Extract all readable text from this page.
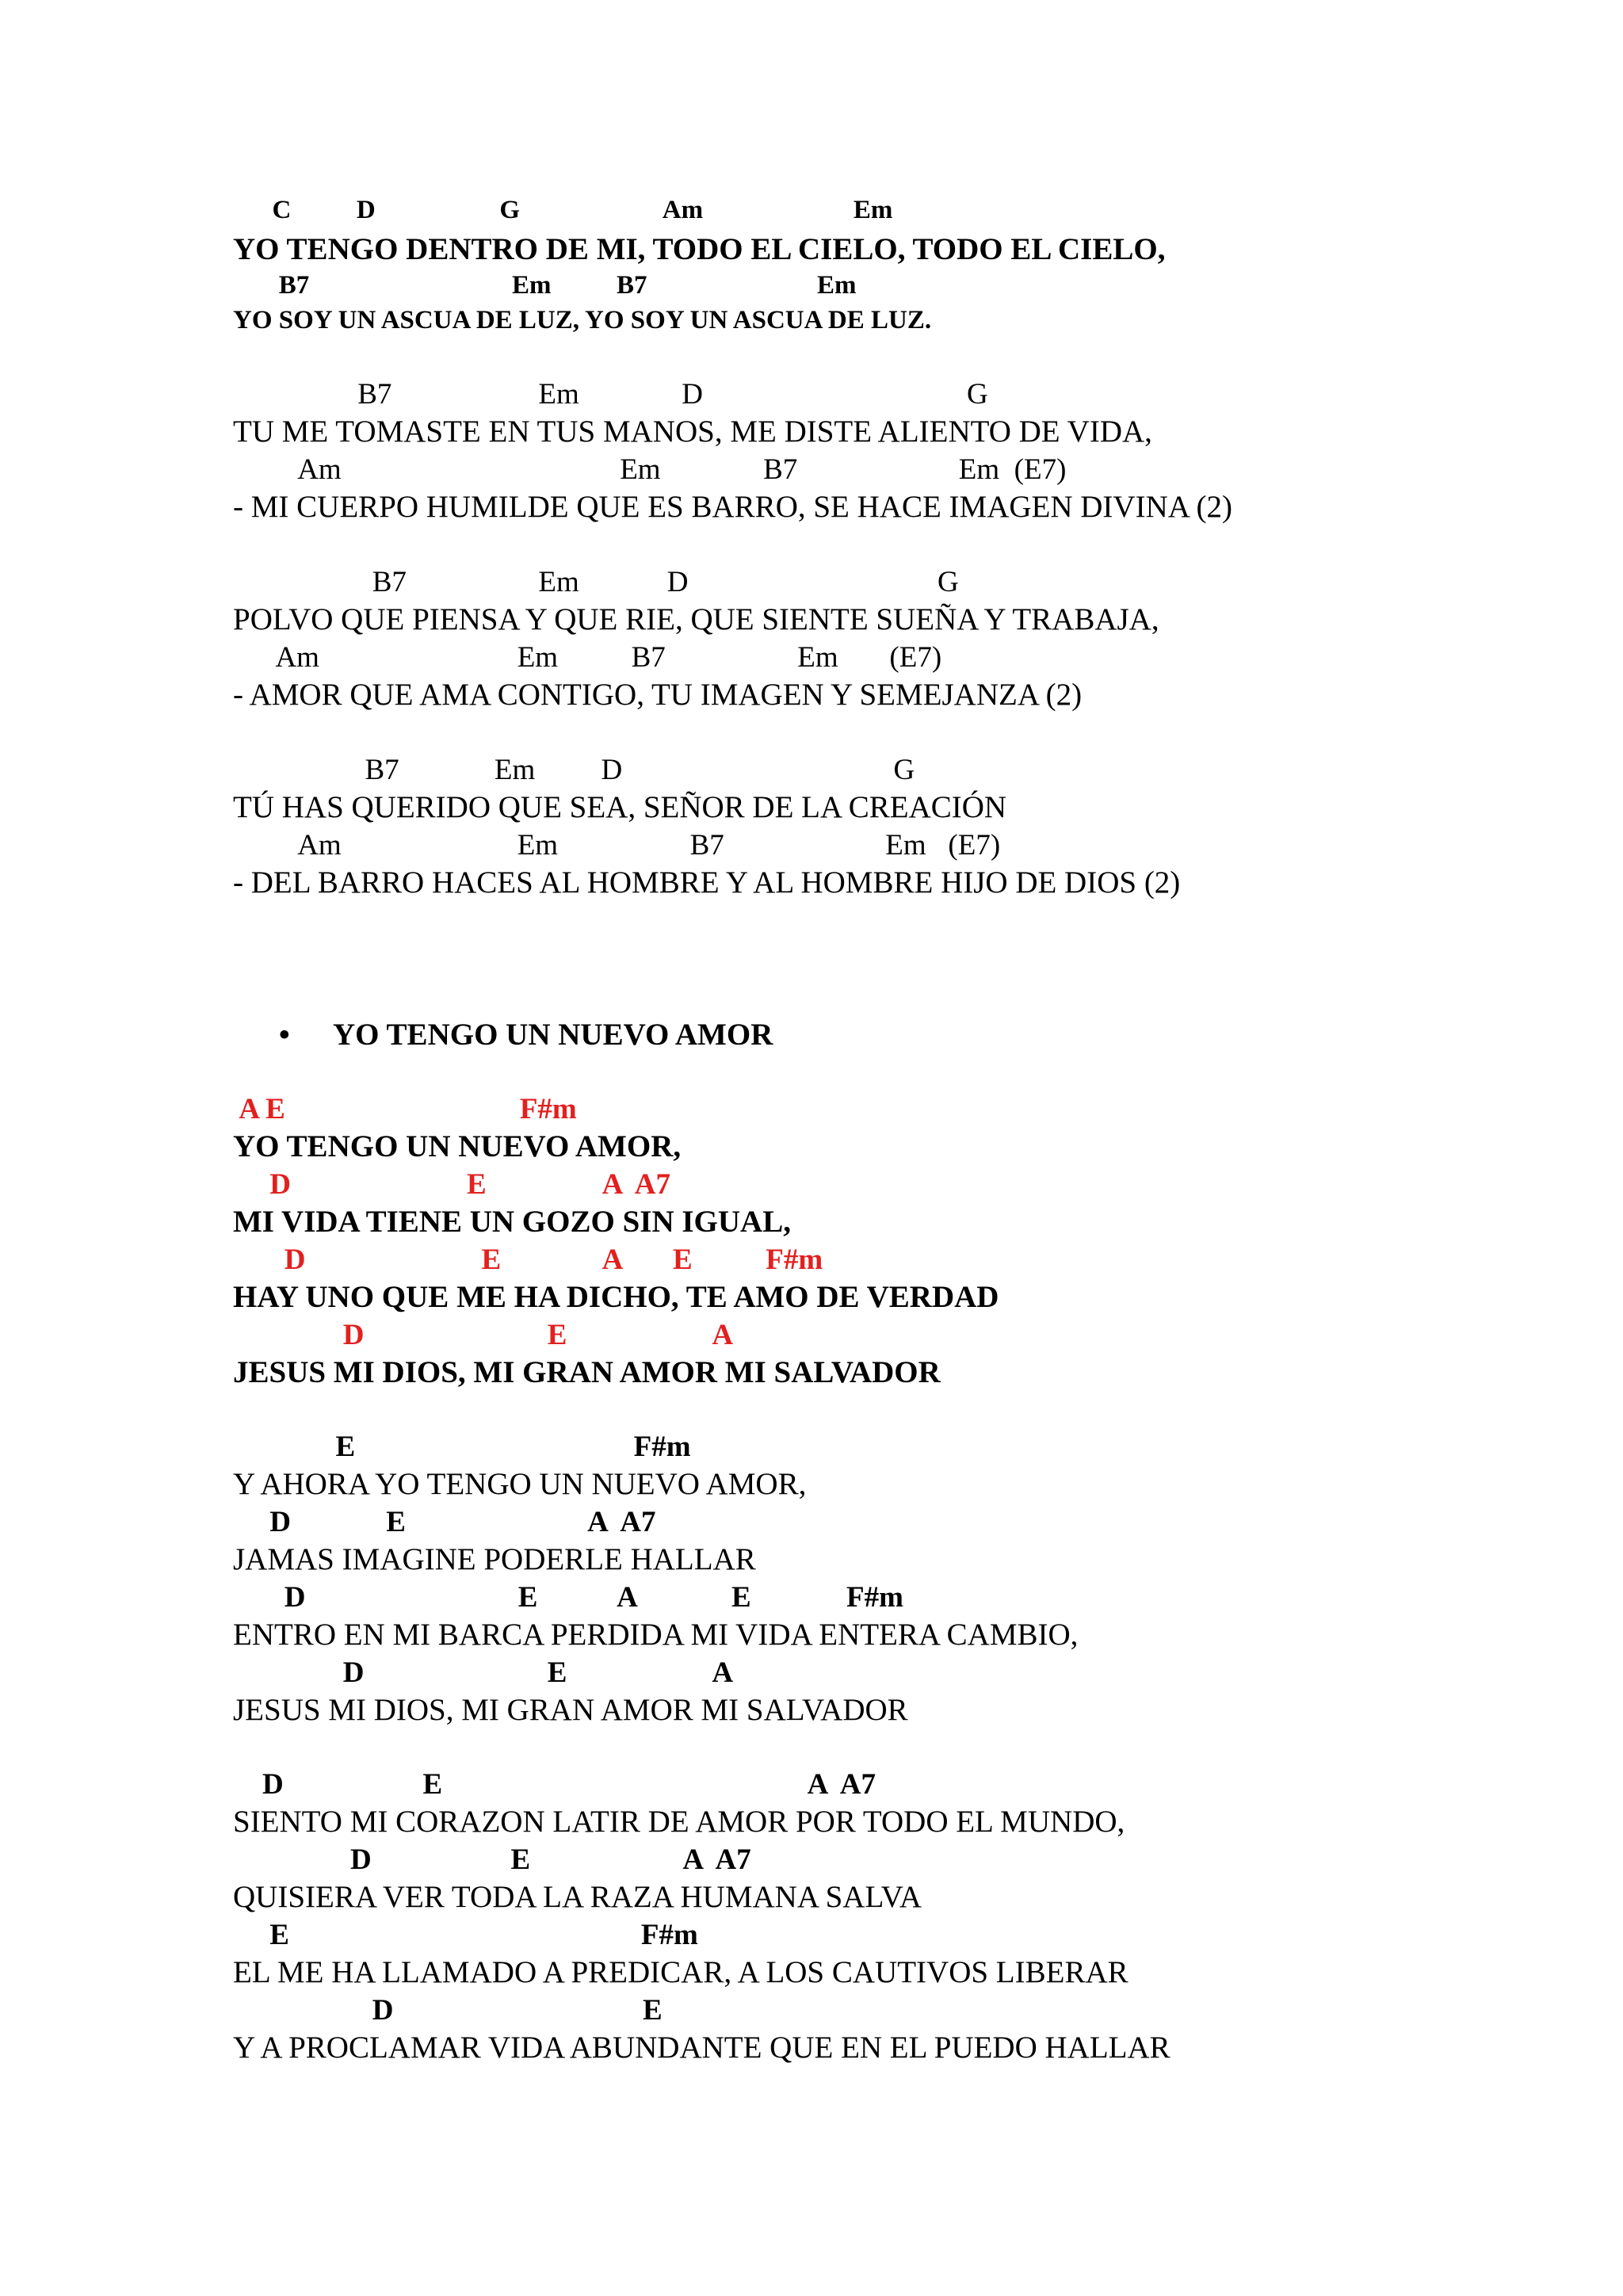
C          D                   G                      Am                       Em
YO TENGO DENTRO DE MI, TODO EL CIELO, TODO EL CIELO,
B7                               Em          B7                          Em
YO SOY UN ASCUA DE LUZ, YO SOY UN ASCUA DE LUZ.
B7                    Em              D                                    G
TU ME TOMASTE EN TUS MANOS, ME DISTE ALIENTO DE VIDA,
Am                                      Em              B7                      Em  (E7)
- MI CUERPO HUMILDE QUE ES BARRO, SE HACE IMAGEN DIVINA (2)
B7                  Em            D                                  G
POLVO QUE PIENSA Y QUE RIE, QUE SIENTE SUEÑA Y TRABAJA,
Am                           Em          B7                  Em       (E7)
- AMOR QUE AMA CONTIGO, TU IMAGEN Y SEMEJANZA (2)
B7             Em         D                                     G
TÚ HAS QUERIDO QUE SEA, SEÑOR DE LA CREACIÓN
Am                        Em                  B7                      Em   (E7)
- DEL BARRO HACES AL HOMBRE Y AL HOMBRE HIJO DE DIOS (2)
• YO TENGO UN NUEVO AMOR
A E                                F#m
YO TENGO UN NUEVO AMOR,
D                        E                A  A7
MI VIDA TIENE UN GOZO SIN IGUAL,
D                        E              A       E          F#m
HAY UNO QUE ME HA DICHO, TE AMO DE VERDAD
D                         E                    A
JESUS MI DIOS, MI GRAN AMOR MI SALVADOR
E                                      F#m
Y AHORA YO TENGO UN NUEVO AMOR,
D             E                         A  A7
JAMAS IMAGINE PODERLE HALLAR
D                             E           A             E             F#m
ENTRO EN MI BARCA PERDIDA MI VIDA ENTERA CAMBIO,
D                         E                    A
JESUS MI DIOS, MI GRAN AMOR MI SALVADOR
D                   E                                                  A  A7
SIENTO MI CORAZON LATIR DE AMOR POR TODO EL MUNDO,
D                   E                     A  A7
QUISIERA VER TODA LA RAZA HUMANA SALVA
E                                                F#m
EL ME HA LLAMADO A PREDICAR, A LOS CAUTIVOS LIBERAR
D                                  E
Y A PROCLAMAR VIDA ABUNDANTE QUE EN EL PUEDO HALLAR
